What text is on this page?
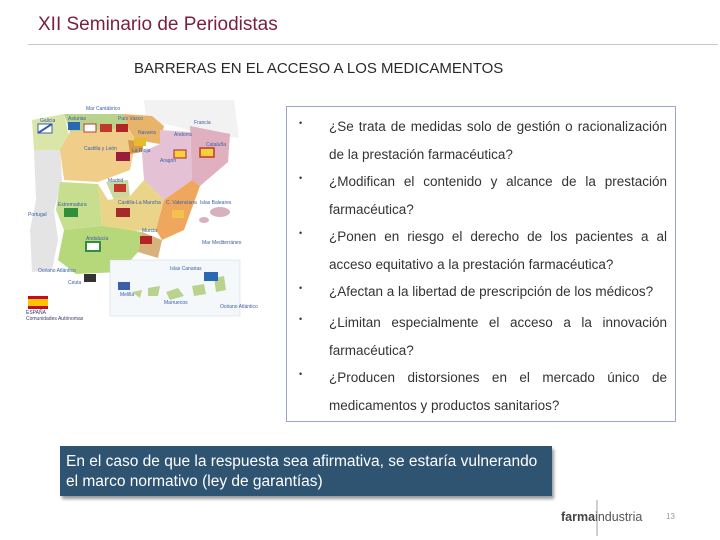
XII Seminario de Periodistas
BARRERAS EN EL ACCESO A LOS MEDICAMENTOS
Mar Cantábrico
Asturias	País Vasco
Galicia
Navarra
Francia
Andorra
Castilla y León	La Rioja
Cataluña
Aragón
Madrid
Extremadura	Castilla-La Mancha C. Valenciana Islas Baleares
Portugal
Murcia
Andalucía
Mar Mediterráneo
Océano Atlántico
Ceuta
Melilla
Islas Canarias
Marruecos
Océano Atlántico
ESPAÑA
Comunidades Autónomas
• ¿Se trata de medidas solo de gestión o racionalización de la prestación farmacéutica?
• ¿Modifican el contenido y alcance de la prestación farmacéutica?
• ¿Ponen en riesgo el derecho de los pacientes a al acceso equitativo a la prestación farmacéutica?
• ¿Afectan a la libertad de prescripción de los médicos?
• ¿Limitan especialmente el acceso a la innovación farmacéutica?
• ¿Producen distorsiones en el mercado único de medicamentos y productos sanitarios?
En el caso de que la respuesta sea afirmativa, se estaría vulnerando el marco normativo (ley de garantías)
farmaindustria	13
